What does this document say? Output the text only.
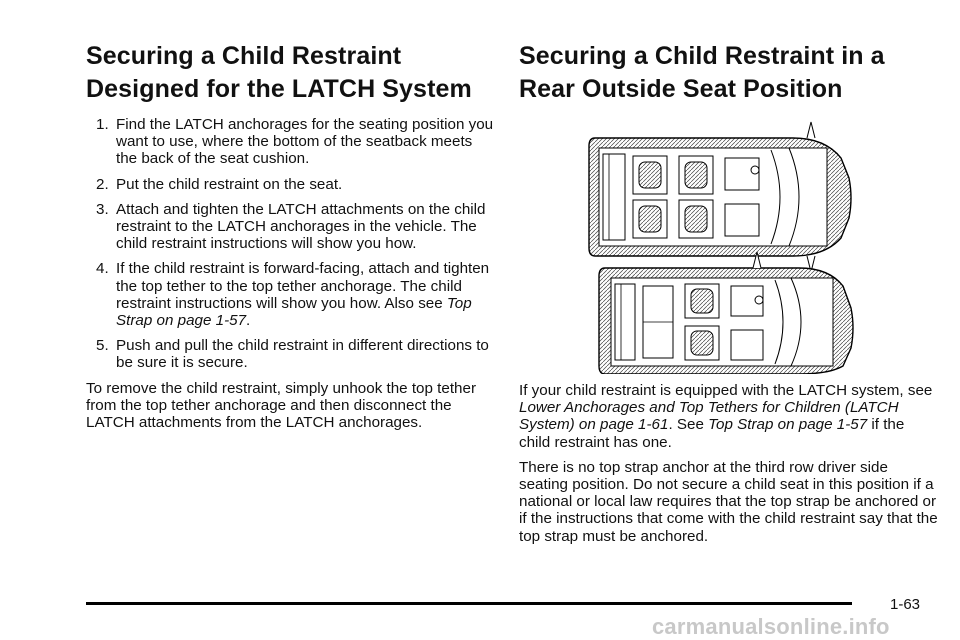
Securing a Child Restraint Designed for the LATCH System
1. Find the LATCH anchorages for the seating position you want to use, where the bottom of the seatback meets the back of the seat cushion.
2. Put the child restraint on the seat.
3. Attach and tighten the LATCH attachments on the child restraint to the LATCH anchorages in the vehicle. The child restraint instructions will show you how.
4. If the child restraint is forward-facing, attach and tighten the top tether to the top tether anchorage. The child restraint instructions will show you how. Also see Top Strap on page 1-57.
5. Push and pull the child restraint in different directions to be sure it is secure.

To remove the child restraint, simply unhook the top tether from the top tether anchorage and then disconnect the LATCH attachments from the LATCH anchorages.

Securing a Child Restraint in a Rear Outside Seat Position

If your child restraint is equipped with the LATCH system, see Lower Anchorages and Top Tethers for Children (LATCH System) on page 1-61. See Top Strap on page 1-57 if the child restraint has one.

There is no top strap anchor at the third row driver side seating position. Do not secure a child seat in this position if a national or local law requires that the top strap be anchored or if the instructions that come with the child restraint say that the top strap must be anchored.

1-63
carmanualsonline.info
